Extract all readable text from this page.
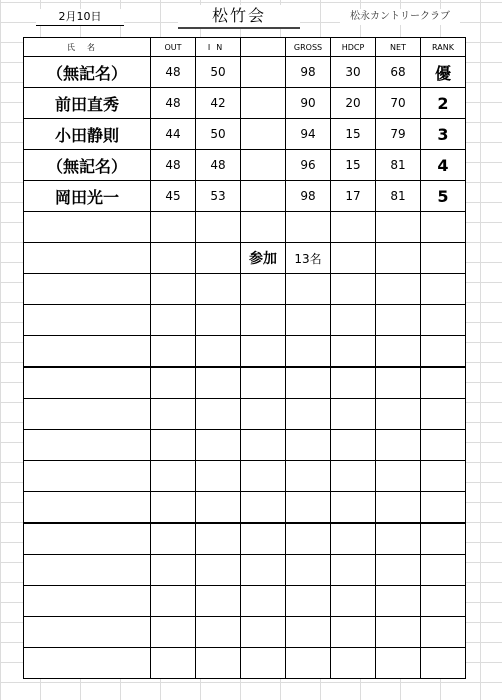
2月10日	松竹会	松永カントリークラブ
氏名	OUT	IN		GROSS	HDCP	NET	RANK
（無記名）	48	50		98	30	68	優
前田直秀	48	42		90	20	70	2
小田静則	44	50		94	15	79	3
（無記名）	48	48		96	15	81	4
岡田光一	45	53		98	17	81	5

			参加	13名			
